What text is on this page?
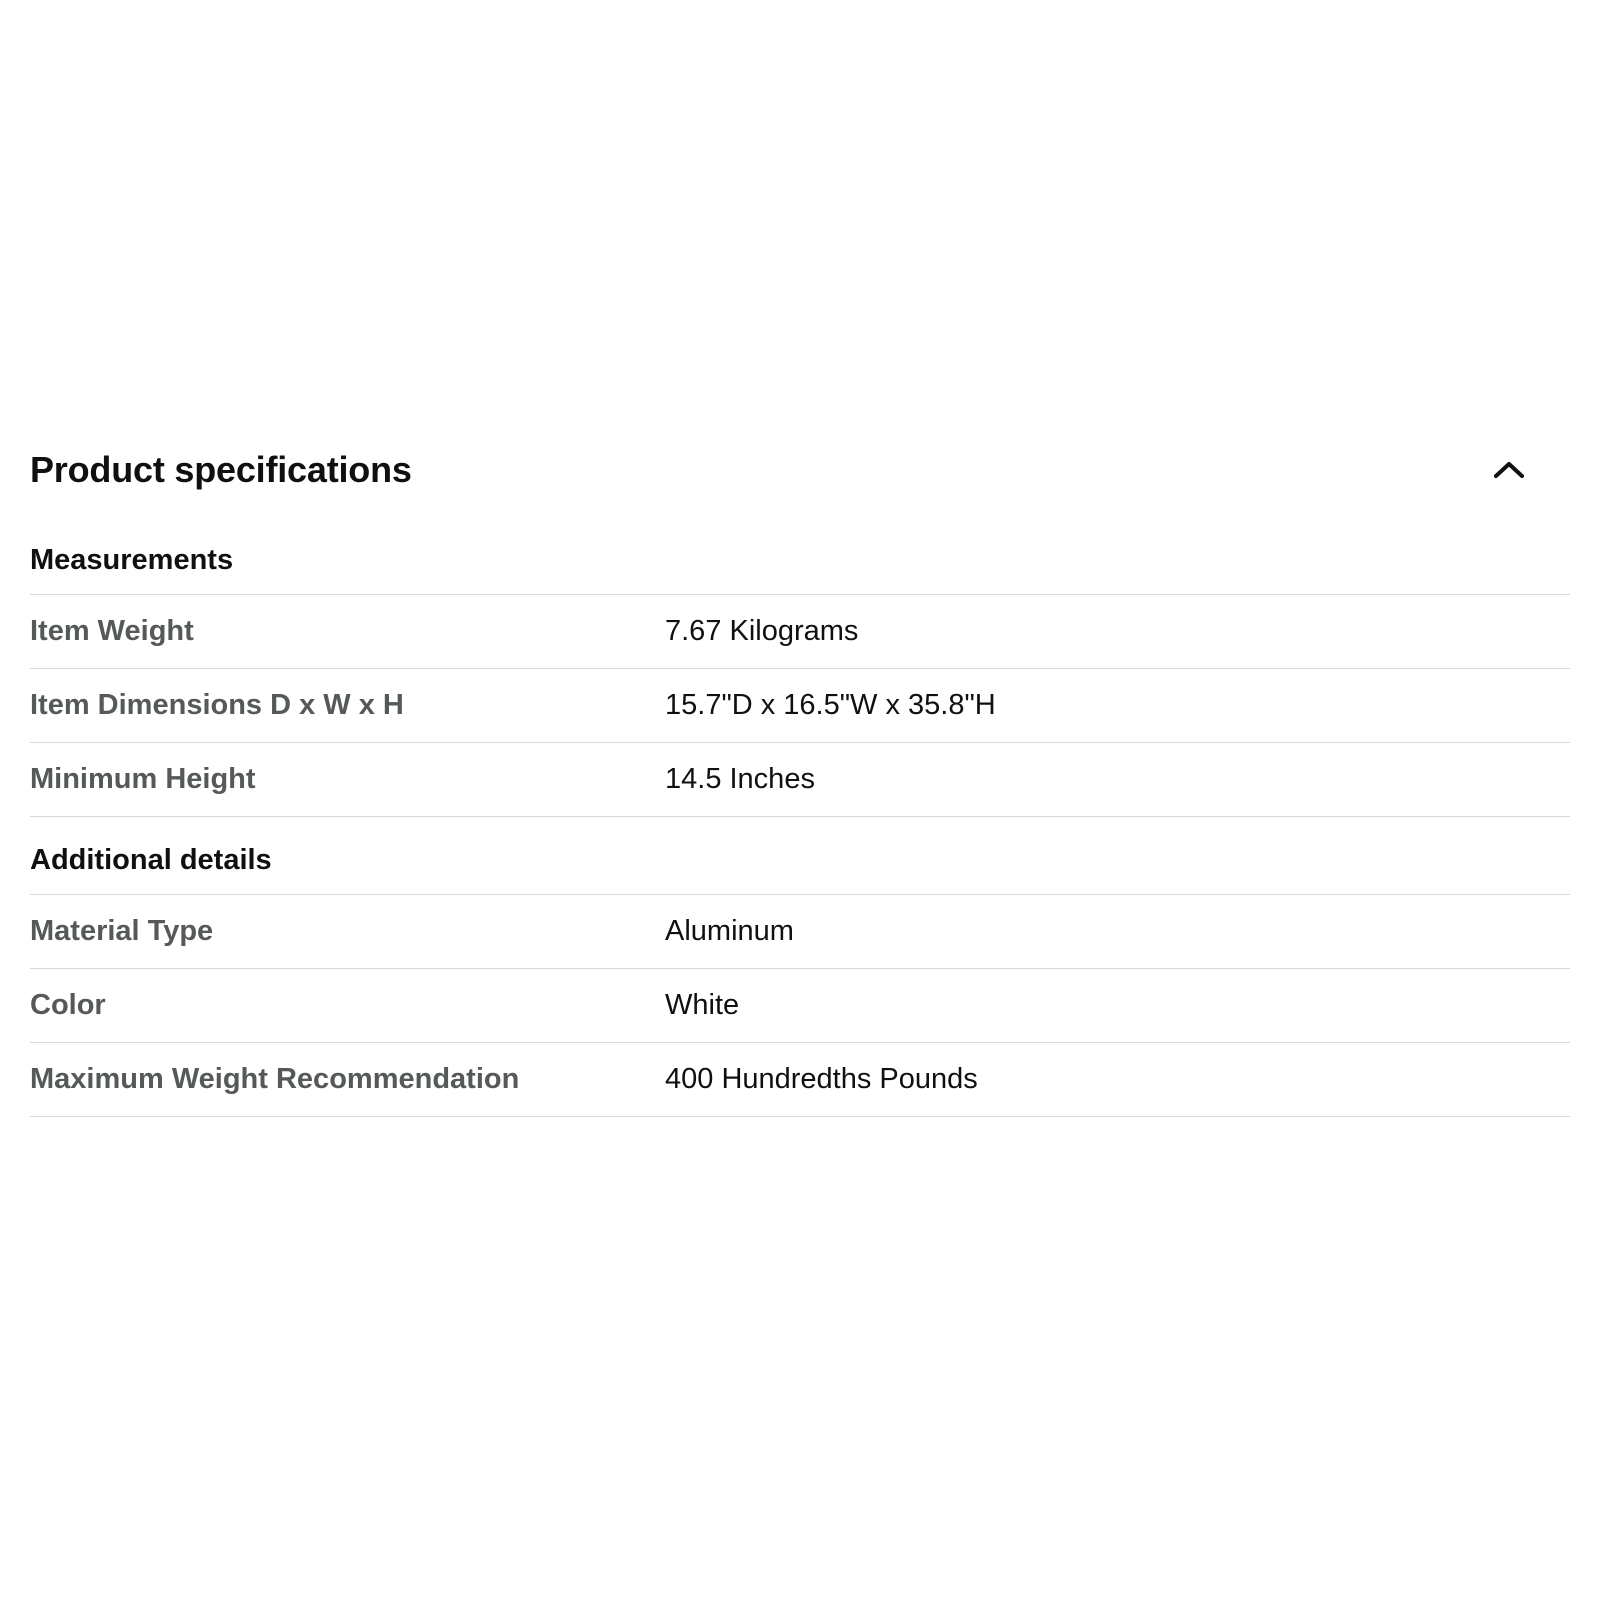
Product specifications
Measurements
Item Weight	7.67 Kilograms
Item Dimensions D x W x H	15.7"D x 16.5"W x 35.8"H
Minimum Height	14.5 Inches
Additional details
Material Type	Aluminum
Color	White
Maximum Weight Recommendation	400 Hundredths Pounds
